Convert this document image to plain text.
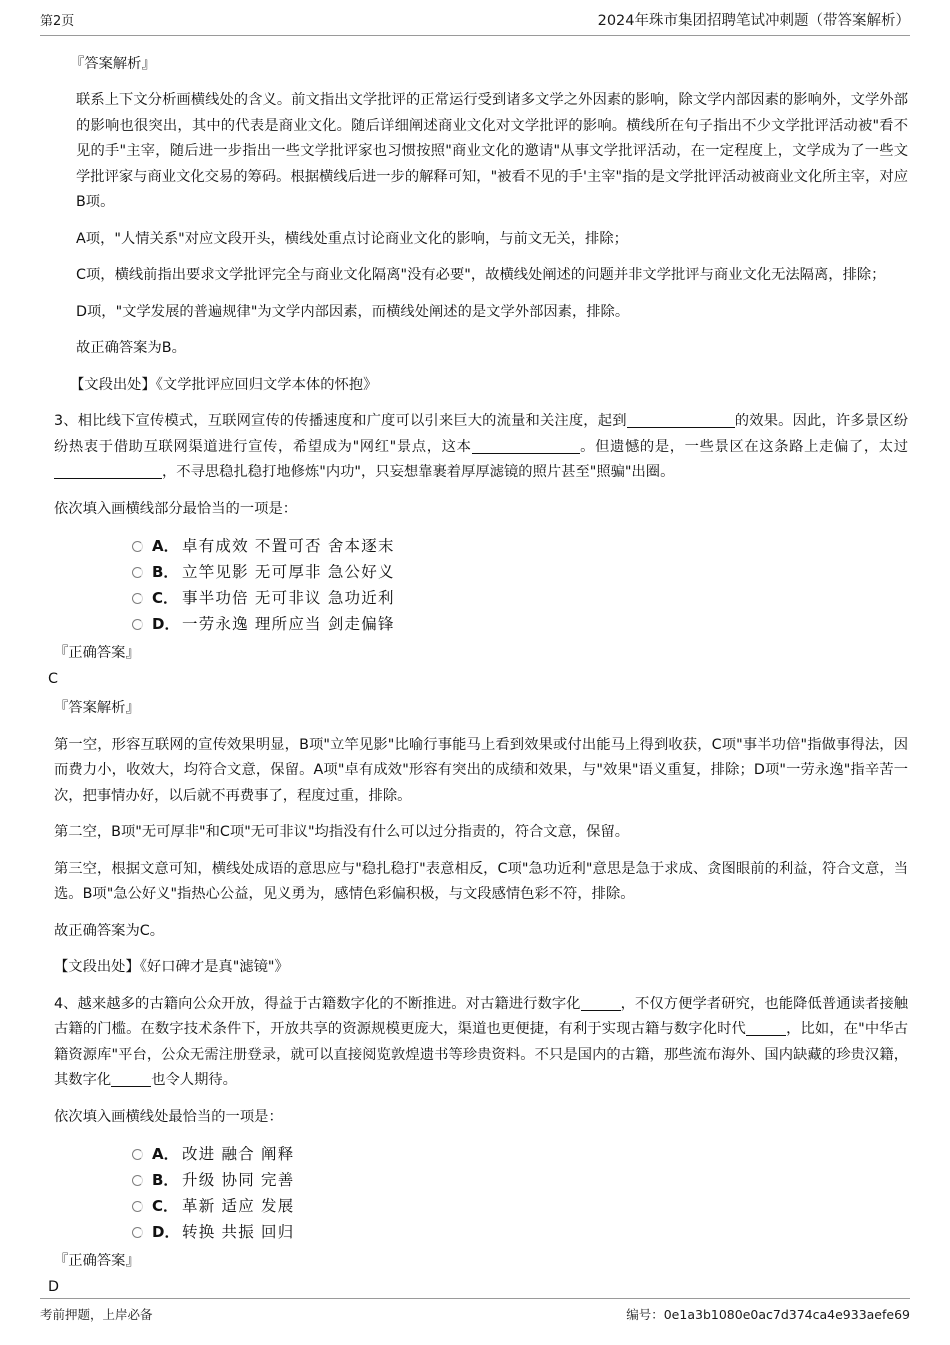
第2页	2024年珠市集团招聘笔试冲刺题（带答案解析）
『答案解析』
联系上下文分析画横线处的含义。前文指出文学批评的正常运行受到诸多文学之外因素的影响，除文学内部因素的影响外，文学外部的影响也很突出，其中的代表是商业文化。随后详细阐述商业文化对文学批评的影响。横线所在句子指出不少文学批评活动被"看不见的手"主宰，随后进一步指出一些文学批评家也习惯按照"商业文化的邀请"从事文学批评活动，在一定程度上，文学成为了一些文学批评家与商业文化交易的筹码。根据横线后进一步的解释可知，"被看不见的手'主宰"指的是文学批评活动被商业文化所主宰，对应B项。
A项，"人情关系"对应文段开头，横线处重点讨论商业文化的影响，与前文无关，排除；
C项，横线前指出要求文学批评完全与商业文化隔离"没有必要"，故横线处阐述的问题并非文学批评与商业文化无法隔离，排除；
D项，"文学发展的普遍规律"为文学内部因素，而横线处阐述的是文学外部因素，排除。
故正确答案为B。
【文段出处】《文学批评应回归文学本体的怀抱》
3、相比线下宣传模式，互联网宣传的传播速度和广度可以引来巨大的流量和关注度，起到	的效果。因此，许多景区纷纷热衷于借助互联网渠道进行宣传，希望成为"网红"景点，这本	。但遗憾的是，一些景区在这条路上走偏了，太过，不寻思稳扎稳打地修炼"内功"，只妄想靠裹着厚厚滤镜的照片甚至"照骗"出圈。
依次填入画横线部分最恰当的一项是：
A． 卓有成效 不置可否 舍本逐末
B． 立竿见影 无可厚非 急公好义
C． 事半功倍 无可非议 急功近利
D． 一劳永逸 理所应当 剑走偏锋
『正确答案』
C
『答案解析』
第一空，形容互联网的宣传效果明显，B项"立竿见影"比喻行事能马上看到效果或付出能马上得到收获，C项"事半功倍"指做事得法，因而费力小，收效大，均符合文意，保留。A项"卓有成效"形容有突出的成绩和效果，与"效果"语义重复，排除；D项"一劳永逸"指辛苦一次，把事情办好，以后就不再费事了，程度过重，排除。
第二空，B项"无可厚非"和C项"无可非议"均指没有什么可以过分指责的，符合文意，保留。
第三空，根据文意可知，横线处成语的意思应与"稳扎稳打"表意相反，C项"急功近利"意思是急于求成、贪图眼前的利益，符合文意，当选。B项"急公好义"指热心公益，见义勇为，感情色彩偏积极，与文段感情色彩不符，排除。
故正确答案为C。
【文段出处】《好口碑才是真"滤镜"》
4、越来越多的古籍向公众开放，得益于古籍数字化的不断推进。对古籍进行数字化	，不仅方便学者研究，也能降低普通读者接触古籍的门槛。在数字技术条件下，开放共享的资源规模更庞大，渠道也更便捷，有利于实现古籍与数字化时代	，比如，在"中华古籍资源库"平台，公众无需注册登录，就可以直接阅览敦煌遗书等珍贵资料。不只是国内的古籍，那些流布海外、国内缺藏的珍贵汉籍，其数字化	也令人期待。
依次填入画横线处最恰当的一项是：
A． 改进 融合 阐释
B． 升级 协同 完善
C． 革新 适应 发展
D． 转换 共振 回归
『正确答案』
D
考前押题，上岸必备	编号：0e1a3b1080e0ac7d374ca4e933aefe69
